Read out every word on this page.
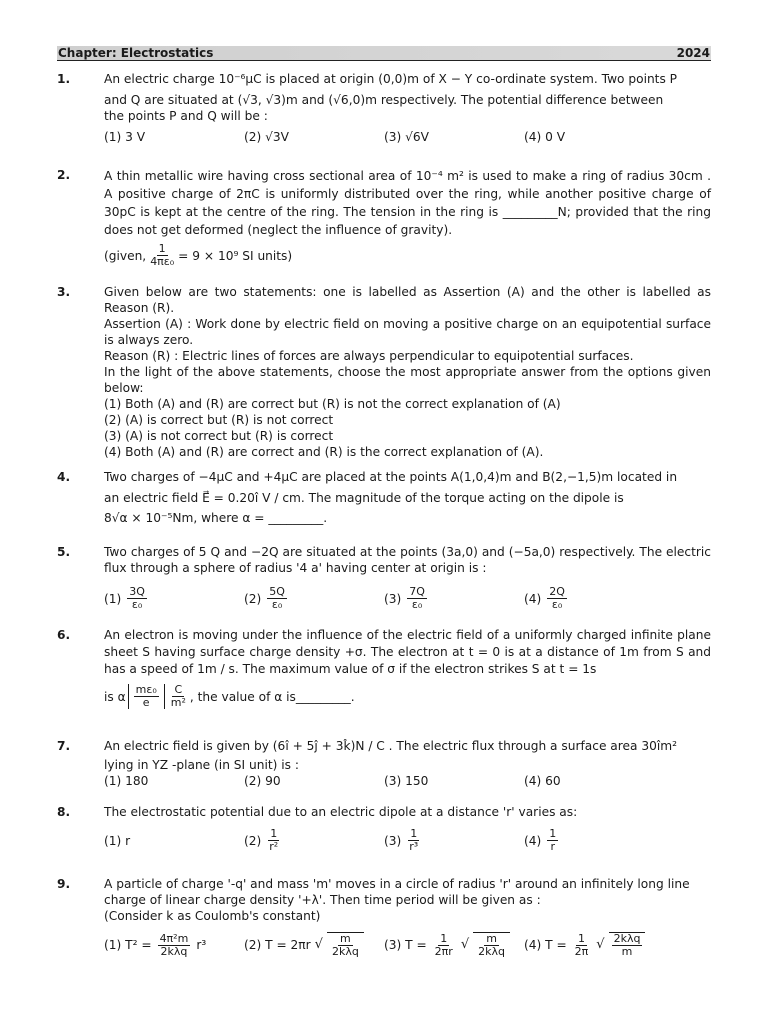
Chapter: Electrostatics	2024
1.	An electric charge 10⁻⁶μC is placed at origin (0,0)m of X − Y co-ordinate system. Two points P

and Q are situated at (√3, √3)m and (√6,0)m respectively. The potential difference between

the points P and Q will be :

(1) 3 V	(2) √3V	(3) √6V	(4) 0 V
2.	A thin metallic wire having cross sectional area of 10⁻⁴ m² is used to make a ring of radius 30cm . A positive charge of 2πC is uniformly distributed over the ring, while another positive charge of 30pC is kept at the centre of the ring. The tension in the ring is _________N; provided that the ring does not get deformed (neglect the influence of gravity).

(given, $\frac{1}{\text{4πε₀}} = 9 \times 10^9$ SI units)
3.	Given below are two statements: one is labelled as Assertion (A) and the other is labelled as Reason (R).

Assertion (A) : Work done by electric field on moving a positive charge on an equipotential surface is always zero.

Reason (R) : Electric lines of forces are always perpendicular to equipotential surfaces.

In the light of the above statements, choose the most appropriate answer from the options given below:

(1) Both (A) and (R) are correct but (R) is not the correct explanation of (A)

(2) (A) is correct but (R) is not correct

(3) (A) is not correct but (R) is correct

(4) Both (A) and (R) are correct and (R) is the correct explanation of (A).

4.	Two charges of −4μC and +4μC are placed at the points A(1,0,4)m and B(2,−1,5)m located in

an electric field E⃗ = 0.20î V / cm. The magnitude of the torque acting on the dipole is

8√α × 10⁻⁵Nm, where α = _________.

5.	Two charges of 5 Q and −2Q are situated at the points (3a,0) and (−5a,0) respectively. The electric flux through a sphere of radius '4 a' having center at origin is :

$(1) \frac{3Q}{\text{ε₀}}$	$(2) \frac{5Q}{\text{ε₀}}$	$(3) \frac{7Q}{\text{ε₀}}$	$(4) \frac{2Q}{\text{ε₀}}$
6.	An electron is moving under the influence of the electric field of a uniformly charged infinite plane sheet S having surface charge density +σ. The electron at t = 0 is at a distance of 1m from S and has a speed of 1m / s. The maximum value of σ if the electron strikes S at t = 1s

is α $\frac{\text{mε₀}}{e} \frac{C}{\text{m²}}$ , the value of α is_________.
7.	An electric field is given by (6î + 5ĵ + 3k̂)N / C . The electric flux through a surface area 30îm²

lying in YZ -plane (in SI unit) is :

(1) 180	(2) 90	(3) 150	(4) 60
8.	The electrostatic potential due to an electric dipole at a distance 'r' varies as:

(1) r	$(2) \frac{1}{\text{r²}}$	$(3) \frac{1}{\text{r³}}$	$(4) \frac{1}{r}$
9.	A particle of charge '-q' and mass 'm' moves in a circle of radius 'r' around an infinitely long line

charge of linear charge density '+λ'. Then time period will be given as :

(Consider k as Coulomb's constant)

(1) $T^2 = \frac{\text{4π²m}}{\text{2kλq}} r^3$	(2) T = 2πr √ $\frac{m}{\text{2kλq}} (3) T = \frac{1}{2\pi r}$ √ $\frac{m}{\text{2kλq}} (4) T = \frac{1}{2\pi}$ √ $\frac{\text{2kλq}}{m}$
